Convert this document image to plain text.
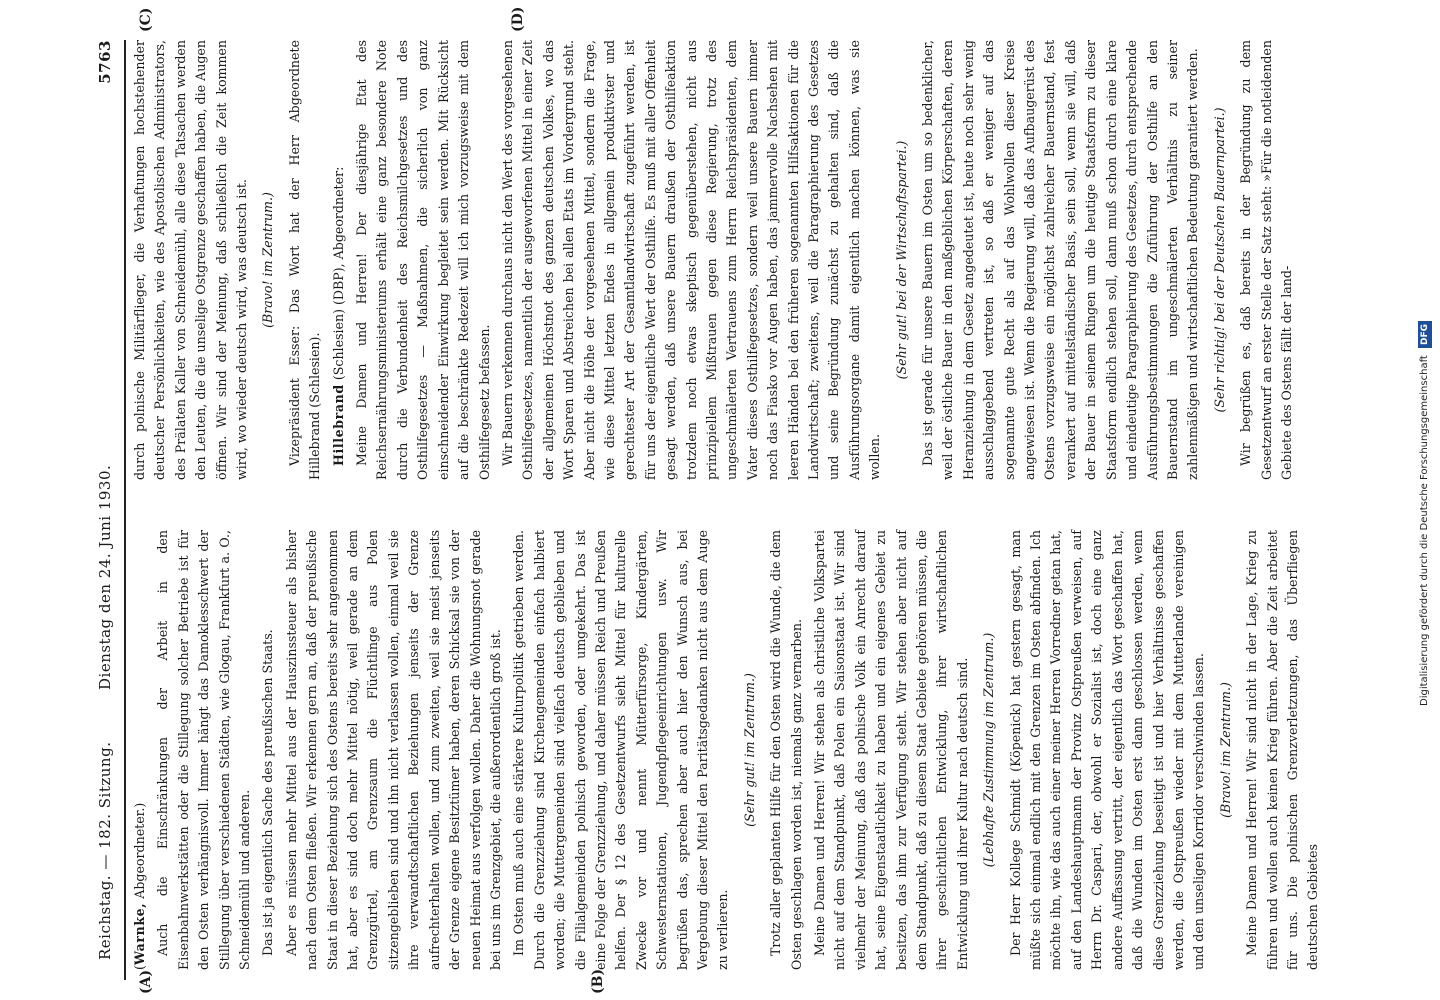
Reichstag. — 182. Sitzung.
Dienstag den 24. Juni 1930.
5763
(A)	(B)
(C)	(D)

(Warnke, Abgeordneter.) Auch die Einschränkungen der Arbeit in den Eisenbahnwerkstätten oder die Stillegung solcher Betriebe ist für den Osten verhängnisvoll. Immer hängt das Damoklesschwert der Stillegung über verschiedenen Städten, wie Glogau, Frankfurt a. O., Schneidemühl und anderen. Das ist ja eigentlich Sache des preußischen Staats. Aber es müssen mehr Mittel aus der Hauszinssteuer als bisher nach dem Osten fließen. Wir erkennen gern an, daß der preußische Staat in dieser Beziehung sich des Ostens bereits sehr angenommen hat, aber es sind doch mehr Mittel nötig, weil gerade an dem Grenzgürtel, am Grenzsaum die Flüchtlinge aus Polen sitzengeblieben sind und ihn nicht verlassen wollen, einmal weil sie ihre verwandtschaftlichen Beziehungen jenseits der Grenze aufrechterhalten wollen, und zum zweiten, weil sie meist jenseits der Grenze eigene Besitztümer haben, deren Schicksal sie von der neuen Heimat aus verfolgen wollen. Daher die Wohnungsnot gerade bei uns im Grenzgebiet, die außerordentlich groß ist. Im Osten muß auch eine stärkere Kulturpolitik getrieben werden. Durch die Grenzziehung sind Kirchengemeinden einfach halbiert worden; die Muttergemeinden sind vielfach deutsch geblieben und die Filialgemeinden polnisch geworden, oder umgekehrt. Das ist eine Folge der Grenzziehung, und daher müssen Reich und Preußen helfen. Der § 12 des Gesetzentwurfs sieht Mittel für kulturelle Zwecke vor und nennt Mütterfürsorge, Kindergärten, Schwesternstationen, Jugendpflegeeinrichtungen usw. Wir begrüßen das, sprechen aber auch hier den Wunsch aus, bei Vergebung dieser Mittel den Paritätsgedanken nicht aus dem Auge zu verlieren.

(Sehr gut! im Zentrum.) Trotz aller geplanten Hilfe für den Osten wird die Wunde, die dem Osten geschlagen worden ist, niemals ganz vernarben. Meine Damen und Herren! Wir stehen als christliche Volkspartei nicht auf dem Standpunkt, daß Polen ein Saisonstaat ist. Wir sind vielmehr der Meinung, daß das polnische Volk ein Anrecht darauf hat, seine Eigenstaatlichkeit zu haben und ein eigenes Gebiet zu besitzen, das ihm zur Verfügung steht. Wir stehen aber nicht auf dem Standpunkt, daß zu diesem Staat Gebiete gehören müssen, die ihrer geschichtlichen Entwicklung, ihrer wirtschaftlichen Entwicklung und ihrer Kultur nach deutsch sind. (Lebhafte Zustimmung im Zentrum.) Der Herr Kollege Schmidt (Köpenick) hat gestern gesagt, man müßte sich einmal endlich mit den Grenzen im Osten abfinden. Ich möchte ihn, wie das auch einer meiner Herren Vorredner getan hat, auf den Landeshauptmann der Provinz Ostpreußen verweisen, auf Herrn Dr. Caspari, der, obwohl er Sozialist ist, doch eine ganz andere Auffassung vertritt, der eigentlich das Wort geschaffen hat, daß die Wunden im Osten erst dann geschlossen werden, wenn diese Grenzziehung beseitigt ist und hier Verhältnisse geschaffen werden, die Ostpreußen wieder mit dem Mutterlande vereinigen und den unseligen Korridor verschwinden lassen. (Bravo! im Zentrum.) Meine Damen und Herren! Wir sind nicht in der Lage, Krieg zu führen und wollen auch keinen Krieg führen. Aber die Zeit arbeitet für uns. Die polnischen Grenzverletzungen, das Überfliegen deutschen Gebietes

durch polnische Militärflieger, die Verhaftungen hochstehender deutscher Persönlichkeiten, wie des Apostolischen Administrators, des Prälaten Kaller von Schneidemühl, alle diese Tatsachen werden den Leuten, die die unselige Ostgrenze geschaffen haben, die Augen öffnen. Wir sind der Meinung, daß schließlich die Zeit kommen wird, wo wieder deutsch wird, was deutsch ist. (Bravo! im Zentrum.) Vizepräsident Esser: Das Wort hat der Herr Abgeordnete Hillebrand (Schlesien). Hillebrand (Schlesien) (DBP), Abgeordneter: Meine Damen und Herren! Der diesjährige Etat des Reichsernährungsministeriums erhält eine ganz besondere Note durch die Verbundenheit des Reichsmilchgesetzes und des Osthilfegesetzes — Maßnahmen, die sicherlich von ganz einschneidender Einwirkung begleitet sein werden. Mit Rücksicht auf die beschränkte Redezeit will ich mich vorzugsweise mit dem Osthilfegesetz befassen. Wir Bauern verkennen durchaus nicht den Wert des vorgesehenen Osthilfegesetzes, namentlich der ausgeworfenen Mittel in einer Zeit der allgemeinen Höchstnot des ganzen deutschen Volkes, wo das Wort Sparen und Abstreichen bei allen Etats im Vordergrund steht. Aber nicht die Höhe der vorgesehenen Mittel, sondern die Frage, wie diese Mittel letzten Endes in allgemein produktivster und gerechtester Art der Gesamtlandwirtschaft zugeführt werden, ist für uns der eigentliche Wert der Osthilfe. Es muß mit aller Offenheit gesagt werden, daß unsere Bauern draußen der Osthilfeaktion trotzdem noch etwas skeptisch gegenüberstehen, nicht aus prinzipiellem Mißtrauen gegen diese Regierung, trotz des ungeschmälerten Vertrauens zum Herrn Reichspräsidenten, dem Vater dieses Osthilfegesetzes, sondern weil unsere Bauern immer noch das Fiasko vor Augen haben, das jammervolle Nachsehen mit leeren Händen bei den früheren sogenannten Hilfsaktionen für die Landwirtschaft; zweitens, weil die Paragraphierung des Gesetzes und seine Begründung zunächst zu gehalten sind, daß die Ausführungsorgane damit eigentlich machen können, was sie wollen.

(Sehr gut! bei der Wirtschaftspartei.) Das ist gerade für unsere Bauern im Osten um so bedenklicher, weil der östliche Bauer in den maßgeblichen Körperschaften, deren Heranziehung in dem Gesetz angedeutet ist, heute noch sehr wenig ausschlaggebend vertreten ist, so daß er weniger auf das sogenannte gute Recht als auf das Wohlwollen dieser Kreise angewiesen ist. Wenn die Regierung will, daß das Aufbaugerüst des Ostens vorzugsweise ein möglichst zahlreicher Bauernstand, fest verankert auf mittelständischer Basis, sein soll, wenn sie will, daß der Bauer in seinem Ringen um die heutige Staatsform zu dieser Staatsform endlich stehen soll, dann muß schon durch eine klare und eindeutige Paragraphierung des Gesetzes, durch entsprechende Ausführungsbestimmungen die Zuführung der Osthilfe an den Bauernstand im ungeschmälerten Verhältnis zu seiner zahlenmäßigen und wirtschaftlichen Bedeutung garantiert werden. (Sehr richtig! bei der Deutschen Bauernpartei.) Wir begrüßen es, daß bereits in der Begründung zu dem Gesetzentwurf an erster Stelle der Satz steht: »Für die notleidenden Gebiete des Ostens fällt der land-	Digitalisierung gefördert durch die Deutsche Forschungsgemeinschaft DFG
